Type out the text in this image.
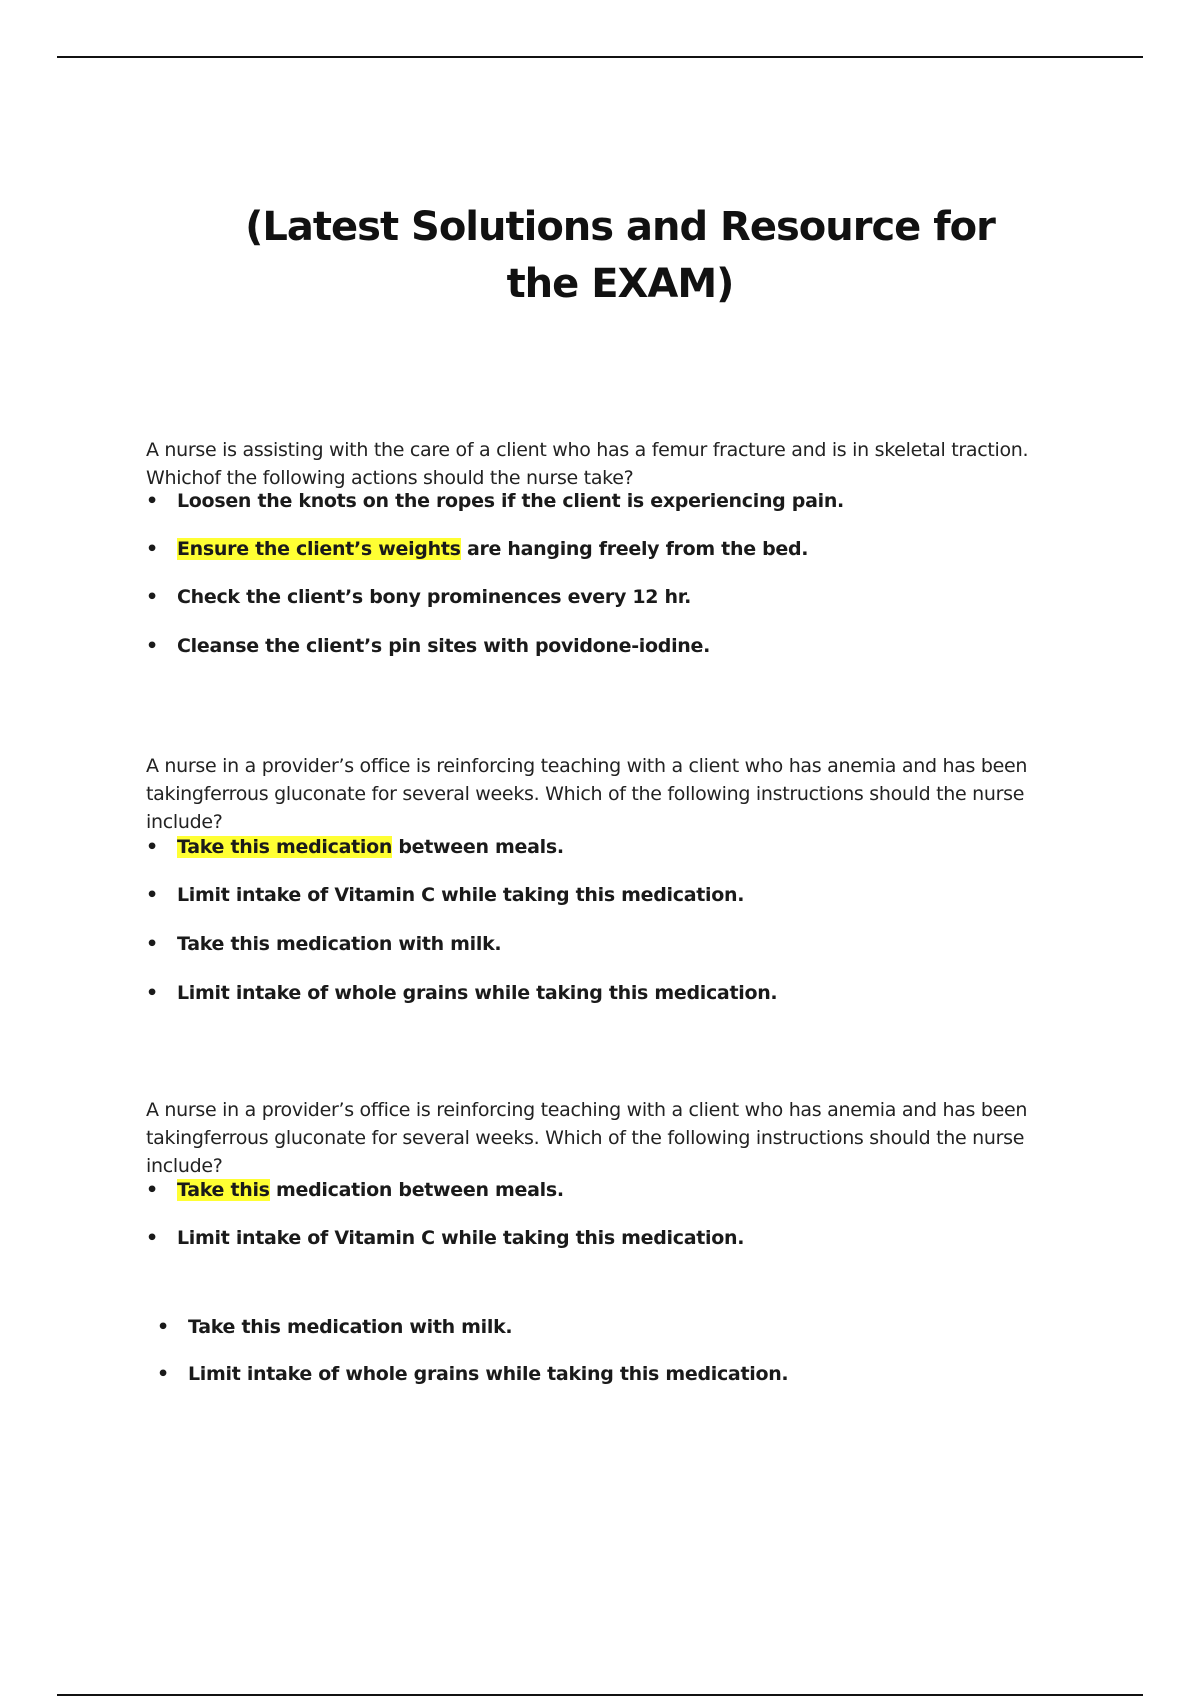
(Latest Solutions and Resource for
the EXAM)

A nurse is assisting with the care of a client who has a femur fracture and is in skeletal traction. Whichof the following actions should the nurse take?

• Loosen the knots on the ropes if the client is experiencing pain.
• Ensure the client’s weights are hanging freely from the bed.
• Check the client’s bony prominences every 12 hr.
• Cleanse the client’s pin sites with povidone-iodine.

A nurse in a provider’s office is reinforcing teaching with a client who has anemia and has been takingferrous gluconate for several weeks. Which of the following instructions should the nurse include?

• Take this medication between meals.
• Limit intake of Vitamin C while taking this medication.
• Take this medication with milk.
• Limit intake of whole grains while taking this medication.

A nurse in a provider’s office is reinforcing teaching with a client who has anemia and has been takingferrous gluconate for several weeks. Which of the following instructions should the nurse include?

• Take this medication between meals.
• Limit intake of Vitamin C while taking this medication.
• Take this medication with milk.
• Limit intake of whole grains while taking this medication.
